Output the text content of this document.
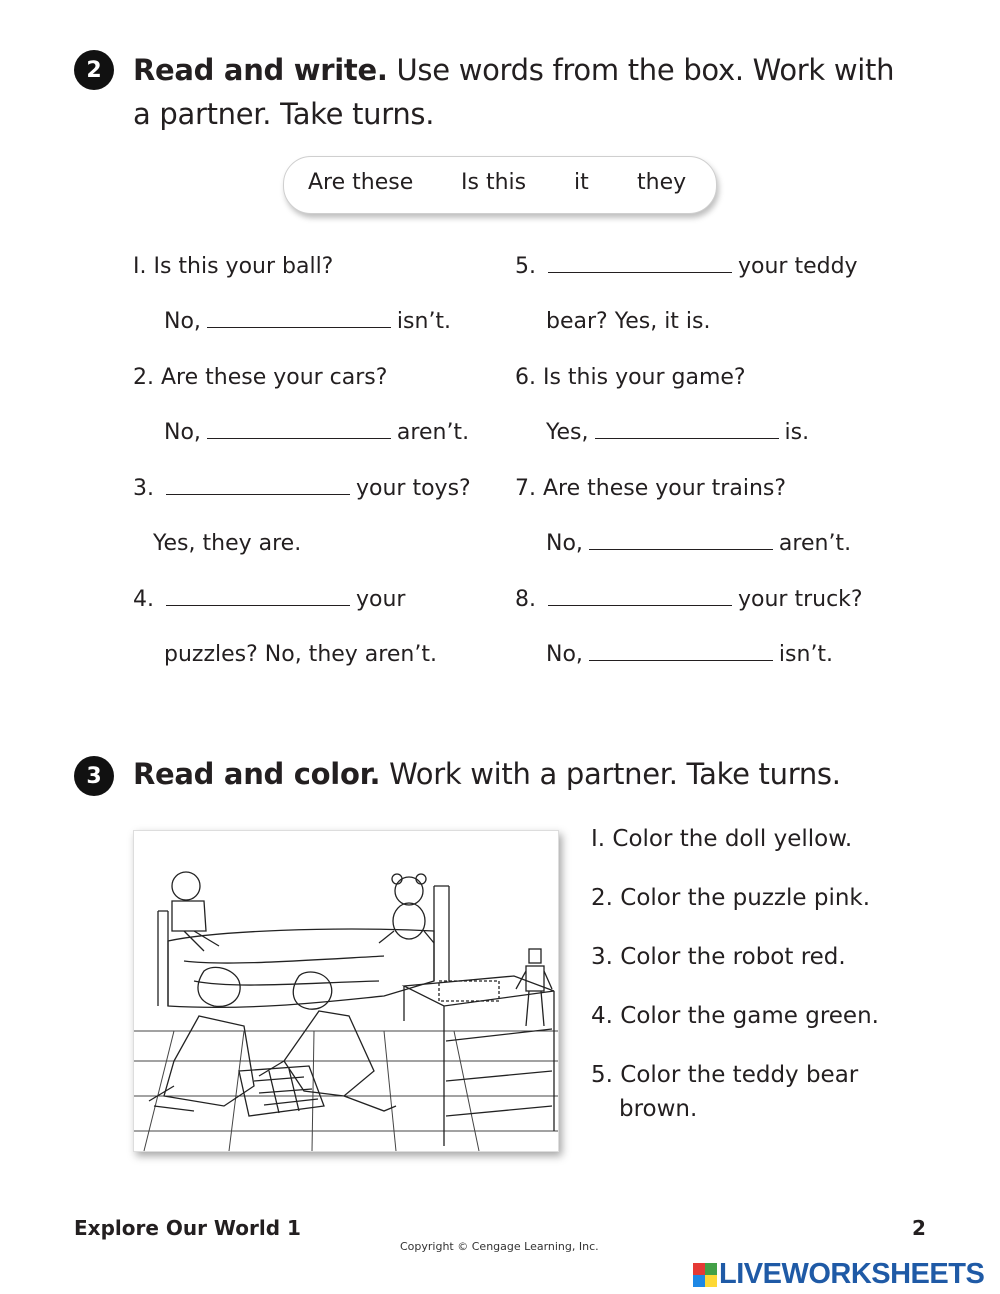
2	Read and write. Use words from the box. Work with
a partner. Take turns.
Are these Is this it they
I. Is this your ball?
No,	isn’t.
2. Are these your cars?
No,	aren’t.
3.	your toys?
Yes, they are.
4.	your
puzzles? No, they aren’t.
5.	your teddy
bear? Yes, it is.
6. Is this your game?
Yes,	is.
7. Are these your trains?
No,	aren’t.
8.	your truck?
No,	isn’t.
3	Read and color. Work with a partner. Take turns.
I. Color the doll yellow.
2. Color the puzzle pink.
3. Color the robot red.
4. Color the game green.
5. Color the teddy bear
brown.
Explore Our World 1	2
Copyright © Cengage Learning, Inc.
LIVEWORKSHEETS
